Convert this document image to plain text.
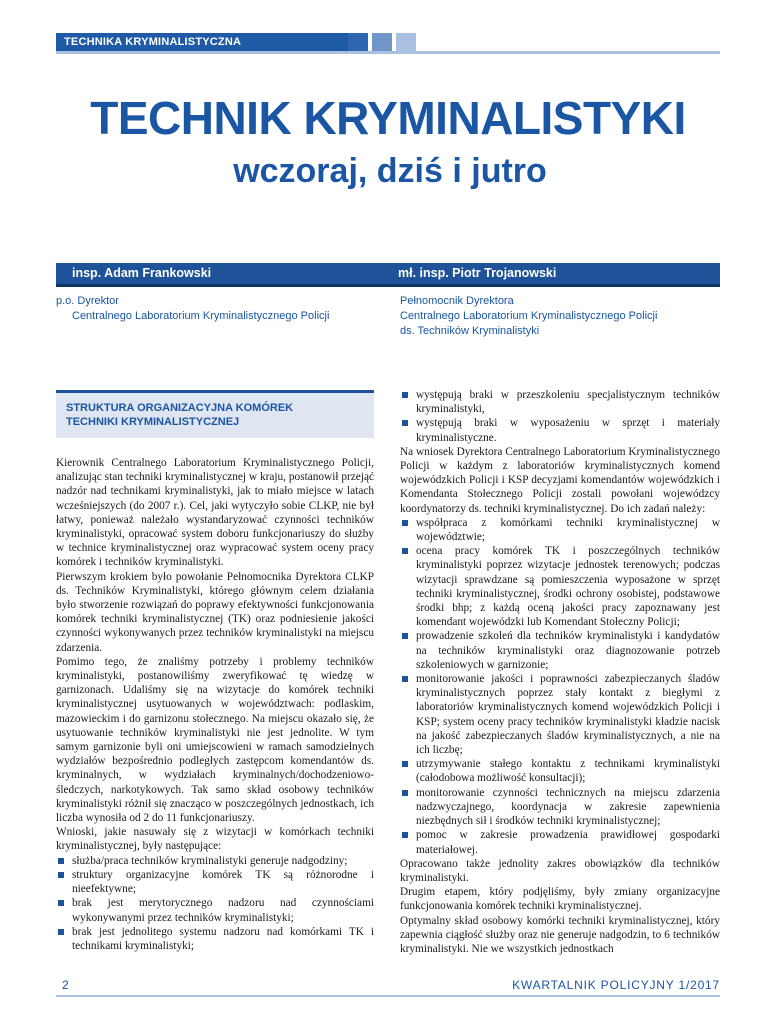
TECHNIKA KRYMINALISTYCZNA
TECHNIK KRYMINALISTYKI
wczoraj, dziś i jutro
insp. Adam Frankowski	mł. insp. Piotr Trojanowski
p.o. Dyrektor
Centralnego Laboratorium Kryminalistycznego Policji
Pełnomocnik Dyrektora
Centralnego Laboratorium Kryminalistycznego Policji
ds. Techników Kryminalistyki
STRUKTURA ORGANIZACYJNA KOMÓREK
TECHNIKI KRYMINALISTYCZNEJ

Kierownik Centralnego Laboratorium Kryminalistycznego Policji, analizując stan techniki kryminalistycznej w kraju, postanowił przejąć nadzór nad technikami kryminalistyki, jak to miało miejsce w latach wcześniejszych (do 2007 r.). Cel, jaki wytyczyło sobie CLKP, nie był łatwy, ponieważ należało wystandaryzować czynności techników kryminalistyki, opracować system doboru funkcjonariuszy do służby w technice kryminalistycznej oraz wypracować system oceny pracy komórek i techników kryminalistyki.

Pierwszym krokiem było powołanie Pełnomocnika Dyrektora CLKP ds. Techników Kryminalistyki, którego głównym celem działania było stworzenie rozwiązań do poprawy efektywności funkcjonowania komórek techniki kryminalistycznej (TK) oraz podniesienie jakości czynności wykonywanych przez techników kryminalistyki na miejscu zdarzenia.

Pomimo tego, że znaliśmy potrzeby i problemy techników kryminalistyki, postanowiliśmy zweryfikować tę wiedzę w garnizonach. Udaliśmy się na wizytacje do komórek techniki kryminalistycznej usytuowanych w województwach: podlaskim, mazowieckim i do garnizonu stołecznego. Na miejscu okazało się, że usytuowanie techników kryminalistyki nie jest jednolite. W tym samym garnizonie byli oni umiejscowieni w ramach samodzielnych wydziałów bezpośrednio podległych zastępcom komendantów ds. kryminalnych, w wydziałach kryminalnych/dochodzeniowo-śledczych, narkotykowych. Tak samo skład osobowy techników kryminalistyki różnił się znacząco w poszczególnych jednostkach, ich liczba wynosiła od 2 do 11 funkcjonariuszy.

Wnioski, jakie nasuwały się z wizytacji w komórkach techniki kryminalistycznej, były następujące:

służba/praca techników kryminalistyki generuje nadgodziny;
struktury organizacyjne komórek TK są różnorodne i nieefektywne;
brak jest merytorycznego nadzoru nad czynnościami wykonywanymi przez techników kryminalistyki;
brak jest jednolitego systemu nadzoru nad komórkami TK i technikami kryminalistyki;
występują braki w przeszkoleniu specjalistycznym techników kryminalistyki,
występują braki w wyposażeniu w sprzęt i materiały kryminalistyczne.

Na wniosek Dyrektora Centralnego Laboratorium Kryminalistycznego Policji w każdym z laboratoriów kryminalistycznych komend wojewódzkich Policji i KSP decyzjami komendantów wojewódzkich i Komendanta Stołecznego Policji zostali powołani wojewódzcy koordynatorzy ds. techniki kryminalistycznej. Do ich zadań należy:

współpraca z komórkami techniki kryminalistycznej w województwie;
ocena pracy komórek TK i poszczególnych techników kryminalistyki poprzez wizytacje jednostek terenowych; podczas wizytacji sprawdzane są pomieszczenia wyposażone w sprzęt techniki kryminalistycznej, środki ochrony osobistej, podstawowe środki bhp; z każdą oceną jakości pracy zapoznawany jest komendant wojewódzki lub Komendant Stołeczny Policji;
prowadzenie szkoleń dla techników kryminalistyki i kandydatów na techników kryminalistyki oraz diagnozowanie potrzeb szkoleniowych w garnizonie;
monitorowanie jakości i poprawności zabezpieczanych śladów kryminalistycznych poprzez stały kontakt z biegłymi z laboratoriów kryminalistycznych komend wojewódzkich Policji i KSP; system oceny pracy techników kryminalistyki kładzie nacisk na jakość zabezpieczanych śladów kryminalistycznych, a nie na ich liczbę;
utrzymywanie stałego kontaktu z technikami kryminalistyki (całodobowa możliwość konsultacji);
monitorowanie czynności technicznych na miejscu zdarzenia nadzwyczajnego, koordynacja w zakresie zapewnienia niezbędnych sił i środków techniki kryminalistycznej;
pomoc w zakresie prowadzenia prawidłowej gospodarki materiałowej.

Opracowano także jednolity zakres obowiązków dla techników kryminalistyki.

Drugim etapem, który podjęliśmy, były zmiany organizacyjne funkcjonowania komórek techniki kryminalistycznej.

Optymalny skład osobowy komórki techniki kryminalistycznej, który zapewnia ciągłość służby oraz nie generuje nadgodzin, to 6 techników kryminalistyki. Nie we wszystkich jednostkach

2	KWARTALNIK POLICYJNY 1/2017
